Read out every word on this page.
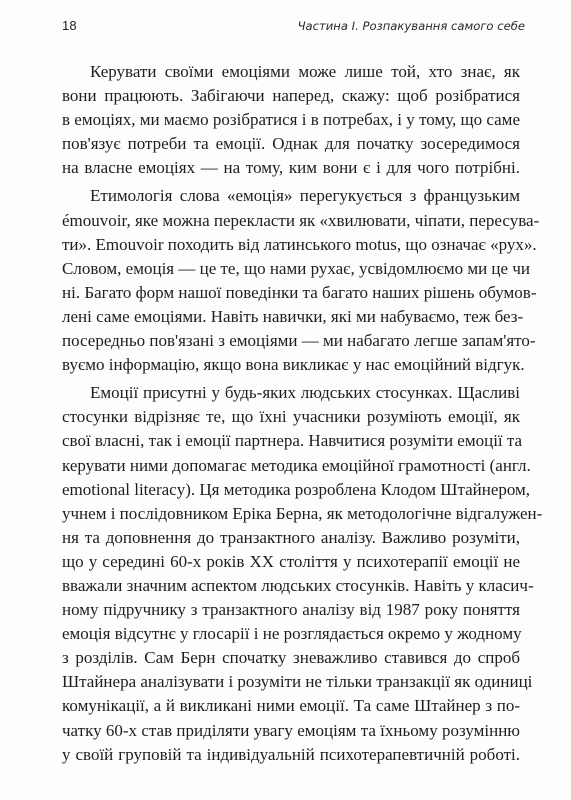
18	Частина І. Розпакування самого себе
Керувати своїми емоціями може лише той, хто знає, як
вони працюють. Забігаючи наперед, скажу: щоб розібратися
в емоціях, ми маємо розібратися і в потребах, і у тому, що саме
пов'язує потреби та емоції. Однак для початку зосередимося
на власне емоціях — на тому, ким вони є і для чого потрібні.
Етимологія слова «емоція» перегукується з французьким
émouvoir, яке можна перекласти як «хвилювати, чіпати, пересува-
ти». Emouvoir походить від латинського motus, що означає «рух».
Словом, емоція — це те, що нами рухає, усвідомлюємо ми це чи
ні. Багато форм нашої поведінки та багато наших рішень обумов-
лені саме емоціями. Навіть навички, які ми набуваємо, теж без-
посередньо пов'язані з емоціями — ми набагато легше запам'ято-
вуємо інформацію, якщо вона викликає у нас емоційний відгук.
Емоції присутні у будь-яких людських стосунках. Щасливі
стосунки відрізняє те, що їхні учасники розуміють емоції, як
свої власні, так і емоції партнера. Навчитися розуміти емоції та
керувати ними допомагає методика емоційної грамотності (англ.
emotional literacy). Ця методика розроблена Клодом Штайнером,
учнем і послідовником Еріка Берна, як методологічне відгалужен-
ня та доповнення до транзактного аналізу. Важливо розуміти,
що у середині 60-х років ХХ століття у психотерапії емоції не
вважали значним аспектом людських стосунків. Навіть у класич-
ному підручнику з транзактного аналізу від 1987 року поняття
емоція відсутнє у глосарії і не розглядається окремо у жодному
з розділів. Сам Берн спочатку зневажливо ставився до спроб
Штайнера аналізувати і розуміти не тільки транзакції як одиниці
комунікації, а й викликані ними емоції. Та саме Штайнер з по-
чатку 60-х став приділяти увагу емоціям та їхньому розумінню
у своїй груповій та індивідуальній психотерапевтичній роботі.
